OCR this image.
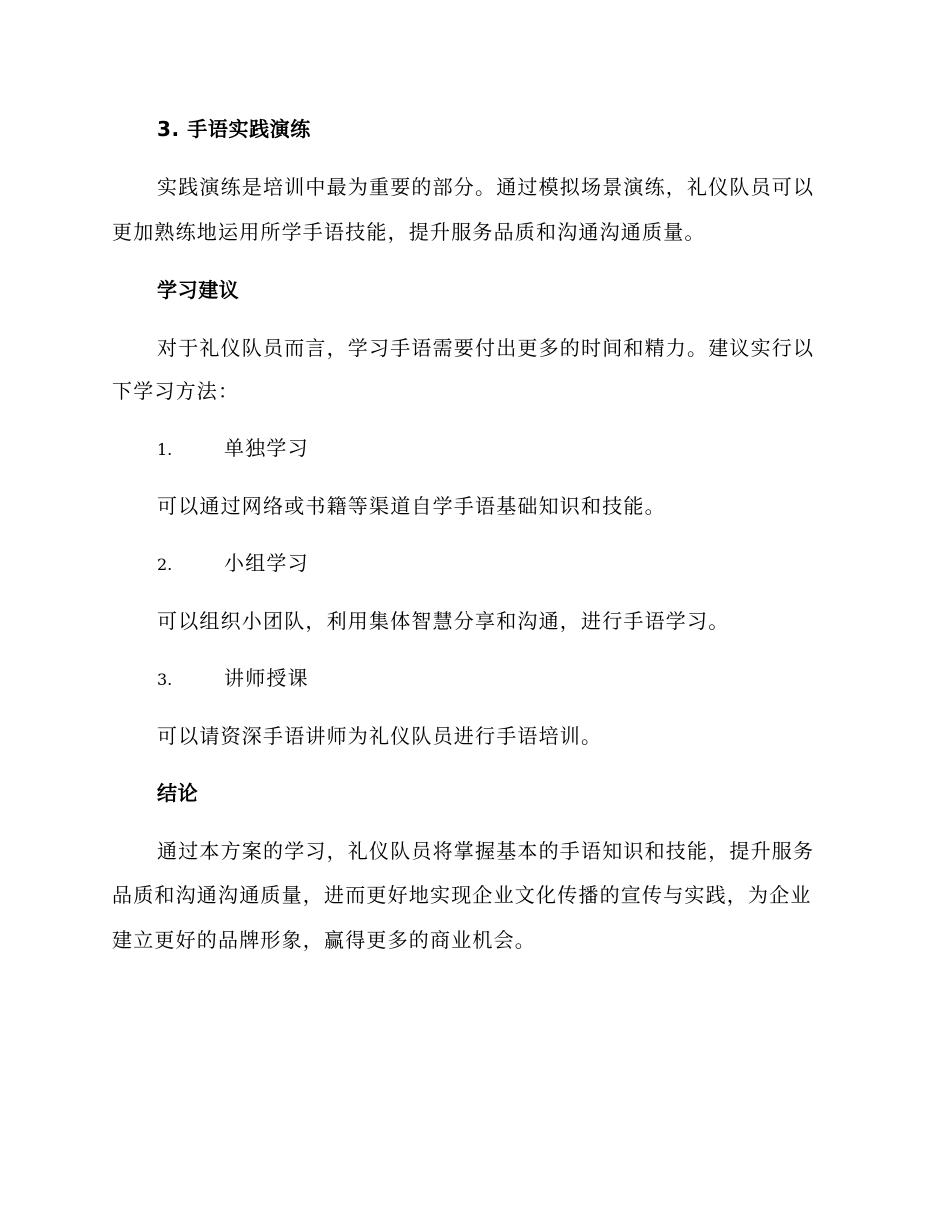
3. 手语实践演练
实践演练是培训中最为重要的部分。通过模拟场景演练，礼仪队员可以
更加熟练地运用所学手语技能，提升服务品质和沟通沟通质量。
学习建议
对于礼仪队员而言，学习手语需要付出更多的时间和精力。建议实行以
下学习方法：
1.	单独学习
可以通过网络或书籍等渠道自学手语基础知识和技能。
2.	小组学习
可以组织小团队，利用集体智慧分享和沟通，进行手语学习。
3.	讲师授课
可以请资深手语讲师为礼仪队员进行手语培训。
结论
通过本方案的学习，礼仪队员将掌握基本的手语知识和技能，提升服务
品质和沟通沟通质量，进而更好地实现企业文化传播的宣传与实践，为企业
建立更好的品牌形象，赢得更多的商业机会。
